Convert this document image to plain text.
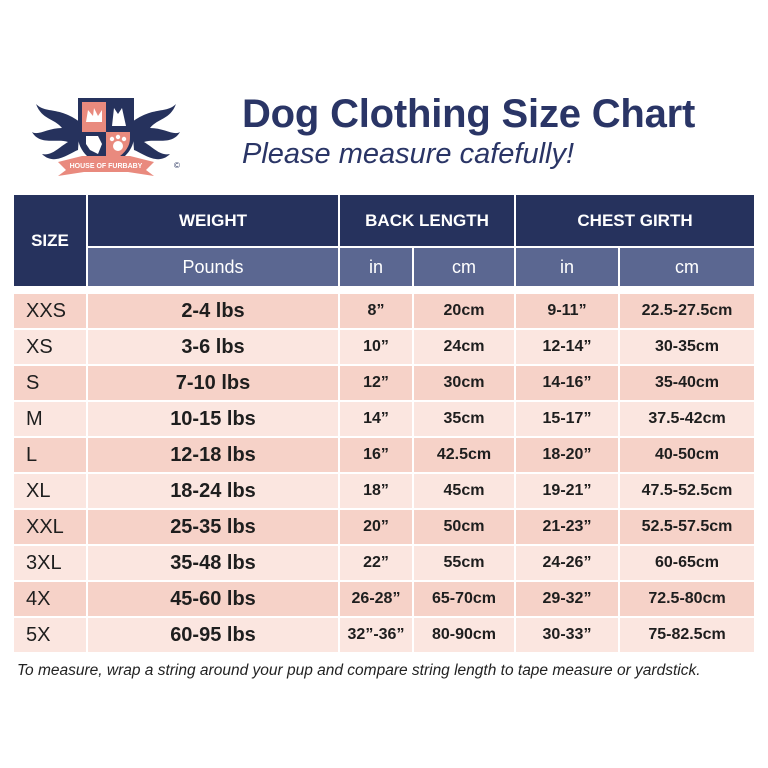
HOUSE OF FURBABY	©
Dog Clothing Size Chart

Please measure cafefully!

SIZE	WEIGHT	BACK LENGTH		CHEST GIRTH	
	Pounds	in	cm	in	cm

XXS	2-4 lbs	8”	20cm	9-11”	22.5-27.5cm
XS	3-6 lbs	10”	24cm	12-14”	30-35cm
S	7-10 lbs	12”	30cm	14-16”	35-40cm
M	10-15 lbs	14”	35cm	15-17”	37.5-42cm
L	12-18 lbs	16”	42.5cm	18-20”	40-50cm
XL	18-24 lbs	18”	45cm	19-21”	47.5-52.5cm
XXL	25-35 lbs	20”	50cm	21-23”	52.5-57.5cm
3XL	35-48 lbs	22”	55cm	24-26”	60-65cm
4X	45-60 lbs	26-28”	65-70cm	29-32”	72.5-80cm
5X	60-95 lbs	32”-36”	80-90cm	30-33”	75-82.5cm

To measure, wrap a string around your pup and compare string length to tape measure or yardstick.
